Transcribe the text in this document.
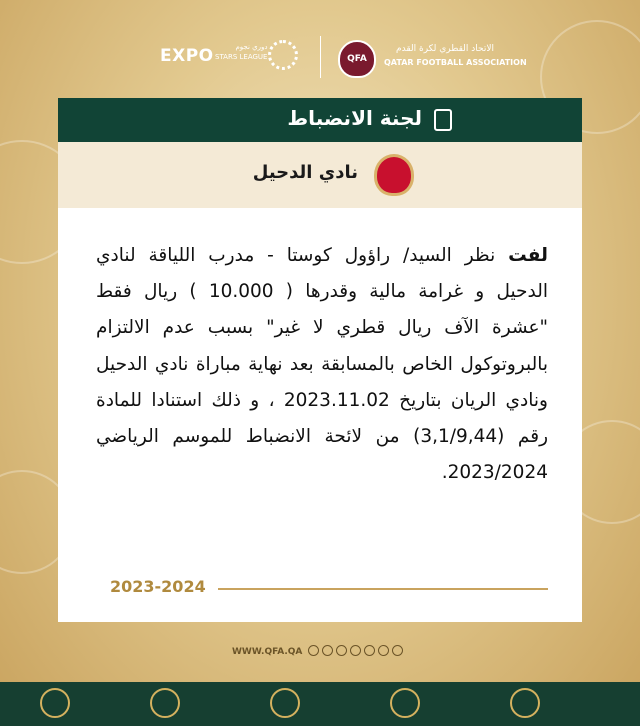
EXPO	دوري نجوم
STARS LEAGUE	QFA
الاتحاد القطري لكرة القدم
QATAR FOOTBALL ASSOCIATION
لجنة الانضباط
نادي الدحيل

لفت نظر السيد/ راؤول كوستا - مدرب اللياقة لنادي الدحيل و غرامة مالية وقدرها ( 10.000 ) ريال فقط "عشرة الآف ريال قطري لا غير" بسبب عدم الالتزام بالبروتوكول الخاص بالمسابقة بعد نهاية مباراة نادي الدحيل ونادي الريان بتاريخ 2023.11.02 ، و ذلك استنادا للمادة رقم (3,1/9,44) من لائحة الانضباط للموسم الرياضي 2023/2024.

2023-2024
WWW.QFA.QA
